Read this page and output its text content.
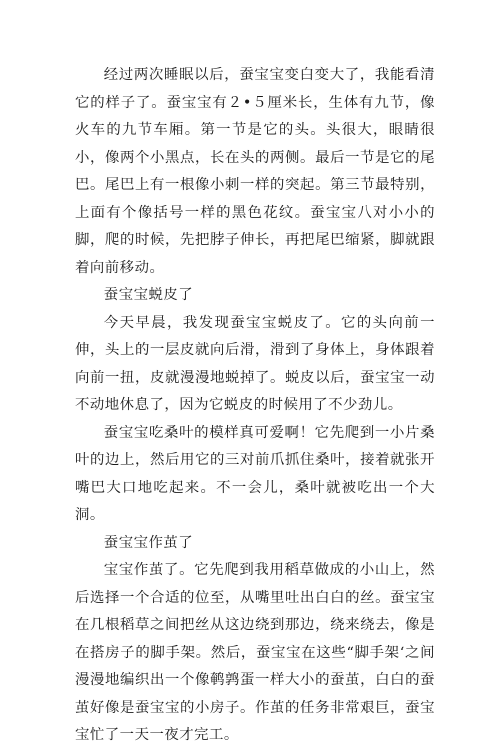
经过两次睡眠以后，蚕宝宝变白变大了，我能看清它的样子了。蚕宝宝有２•５厘米长，生体有九节，像火车的九节车厢。第一节是它的头。头很大，眼睛很小，像两个小黑点，长在头的两侧。最后一节是它的尾巴。尾巴上有一根像小刺一样的突起。第三节最特别，上面有个像括号一样的黑色花纹。蚕宝宝八对小小的脚，爬的时候，先把脖子伸长，再把尾巴缩紧，脚就跟着向前移动。

蚕宝宝蜕皮了

今天早晨，我发现蚕宝宝蜕皮了。它的头向前一伸，头上的一层皮就向后滑，滑到了身体上，身体跟着向前一扭，皮就漫漫地蜕掉了。蜕皮以后，蚕宝宝一动不动地休息了，因为它蜕皮的时候用了不少劲儿。

蚕宝宝吃桑叶的模样真可爱啊！它先爬到一小片桑叶的边上，然后用它的三对前爪抓住桑叶，接着就张开嘴巴大口地吃起来。不一会儿，桑叶就被吃出一个大洞。

蚕宝宝作茧了

宝宝作茧了。它先爬到我用稻草做成的小山上，然后选择一个合适的位至，从嘴里吐出白白的丝。蚕宝宝在几根稻草之间把丝从这边绕到那边，绕来绕去，像是在搭房子的脚手架。然后，蚕宝宝在这些“脚手架‘之间漫漫地编织出一个像鹌鹑蛋一样大小的蚕茧，白白的蚕茧好像是蚕宝宝的小房子。作茧的任务非常艰巨，蚕宝宝忙了一天一夜才完工。
